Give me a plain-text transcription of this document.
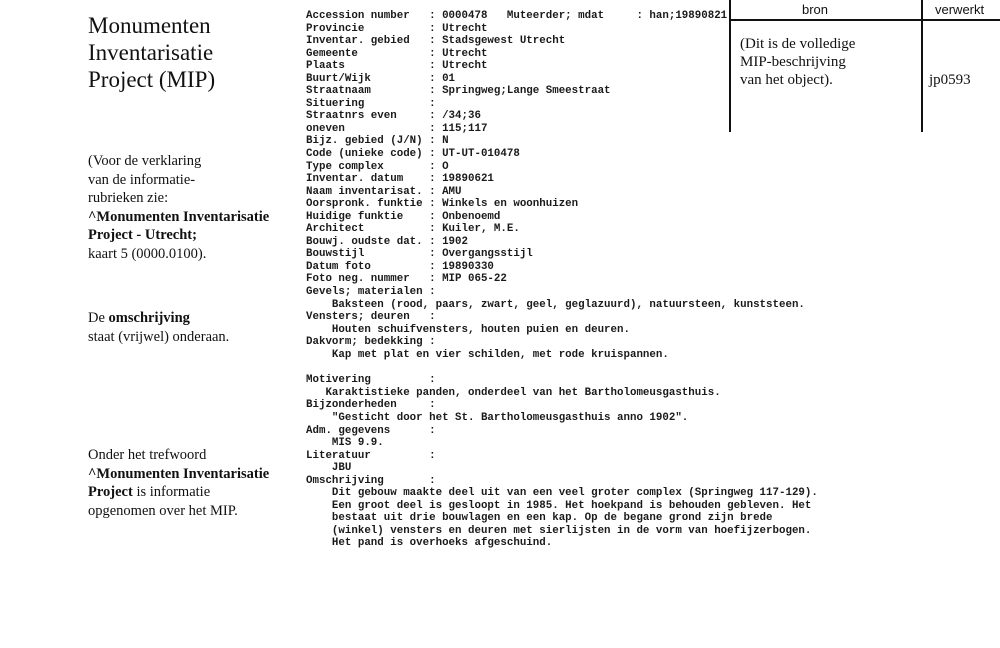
Monumenten
Inventarisatie
Project (MIP)
(Voor de verklaring
van de informatie-
rubrieken zie:
^Monumenten Inventarisatie
Project - Utrecht;
kaart 5 (0000.0100).
De omschrijving
staat (vrijwel) onderaan.
Onder het trefwoord
^Monumenten Inventarisatie
Project is informatie
opgenomen over het MIP.
Accession number   : 0000478   Muteerder; mdat     : han;19890821
Provincie          : Utrecht
Inventar. gebied   : Stadsgewest Utrecht
Gemeente           : Utrecht
Plaats             : Utrecht
Buurt/Wijk         : 01
Straatnaam         : Springweg;Lange Smeestraat
Situering          :
Straatnrs even     : /34;36
oneven             : 115;117
Bijz. gebied (J/N) : N
Code (unieke code) : UT-UT-010478
Type complex       : O
Inventar. datum    : 19890621
Naam inventarisat. : AMU
Oorspronk. funktie : Winkels en woonhuizen
Huidige funktie    : Onbenoemd
Architect          : Kuiler, M.E.
Bouwj. oudste dat. : 1902
Bouwstijl          : Overgangsstijl
Datum foto         : 19890330
Foto neg. nummer   : MIP 065-22
Gevels; materialen :
Baksteen (rood, paars, zwart, geel, geglazuurd), natuursteen, kunststeen.
Vensters; deuren   :
Houten schuifvensters, houten puien en deuren.
Dakvorm; bedekking :
Kap met plat en vier schilden, met rode kruispannen.
Motivering         :
Karaktistieke panden, onderdeel van het Bartholomeusgasthuis.
Bijzonderheden     :
"Gesticht door het St. Bartholomeusgasthuis anno 1902".
Adm. gegevens      :
MIS 9.9.
Literatuur         :
JBU
Omschrijving       :
Dit gebouw maakte deel uit van een veel groter complex (Springweg 117-129).
Een groot deel is gesloopt in 1985. Het hoekpand is behouden gebleven. Het
bestaat uit drie bouwlagen en een kap. Op de begane grond zijn brede
(winkel) vensters en deuren met sierlijsten in de vorm van hoefijzerbogen.
Het pand is overhoeks afgeschuind.
bron	verwerkt
(Dit is de volledige
MIP-beschrijving
van het object).	jp0593
